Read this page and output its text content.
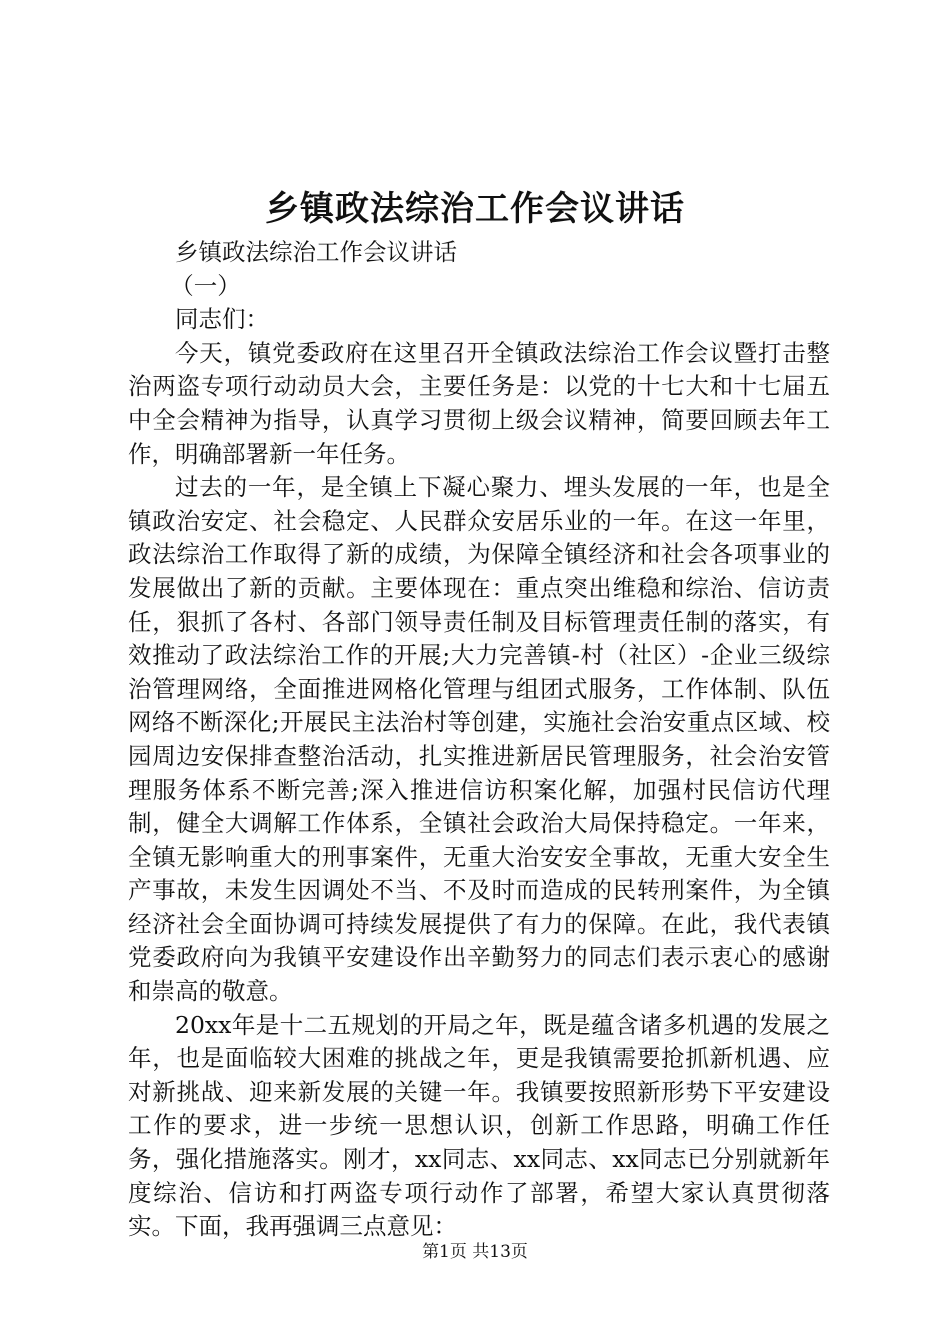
乡镇政法综治工作会议讲话

乡镇政法综治工作会议讲话

（一）

同志们：

今天，镇党委政府在这里召开全镇政法综治工作会议暨打击整治两盗专项行动动员大会，主要任务是：以党的十七大和十七届五中全会精神为指导，认真学习贯彻上级会议精神，简要回顾去年工作，明确部署新一年任务。

过去的一年，是全镇上下凝心聚力、埋头发展的一年，也是全镇政治安定、社会稳定、人民群众安居乐业的一年。在这一年里，政法综治工作取得了新的成绩，为保障全镇经济和社会各项事业的发展做出了新的贡献。主要体现在：重点突出维稳和综治、信访责任，狠抓了各村、各部门领导责任制及目标管理责任制的落实，有效推动了政法综治工作的开展;大力完善镇-村（社区）-企业三级综治管理网络，全面推进网格化管理与组团式服务，工作体制、队伍网络不断深化;开展民主法治村等创建，实施社会治安重点区域、校园周边安保排查整治活动，扎实推进新居民管理服务，社会治安管理服务体系不断完善;深入推进信访积案化解，加强村民信访代理制，健全大调解工作体系，全镇社会政治大局保持稳定。一年来，全镇无影响重大的刑事案件，无重大治安安全事故，无重大安全生产事故，未发生因调处不当、不及时而造成的民转刑案件，为全镇经济社会全面协调可持续发展提供了有力的保障。在此，我代表镇党委政府向为我镇平安建设作出辛勤努力的同志们表示衷心的感谢和崇高的敬意。

20xx年是十二五规划的开局之年，既是蕴含诸多机遇的发展之年，也是面临较大困难的挑战之年，更是我镇需要抢抓新机遇、应对新挑战、迎来新发展的关键一年。我镇要按照新形势下平安建设工作的要求，进一步统一思想认识，创新工作思路，明确工作任务，强化措施落实。刚才，xx同志、xx同志、xx同志已分别就新年度综治、信访和打两盗专项行动作了部署，希望大家认真贯彻落实。下面，我再强调三点意见：

第1页 共13页
